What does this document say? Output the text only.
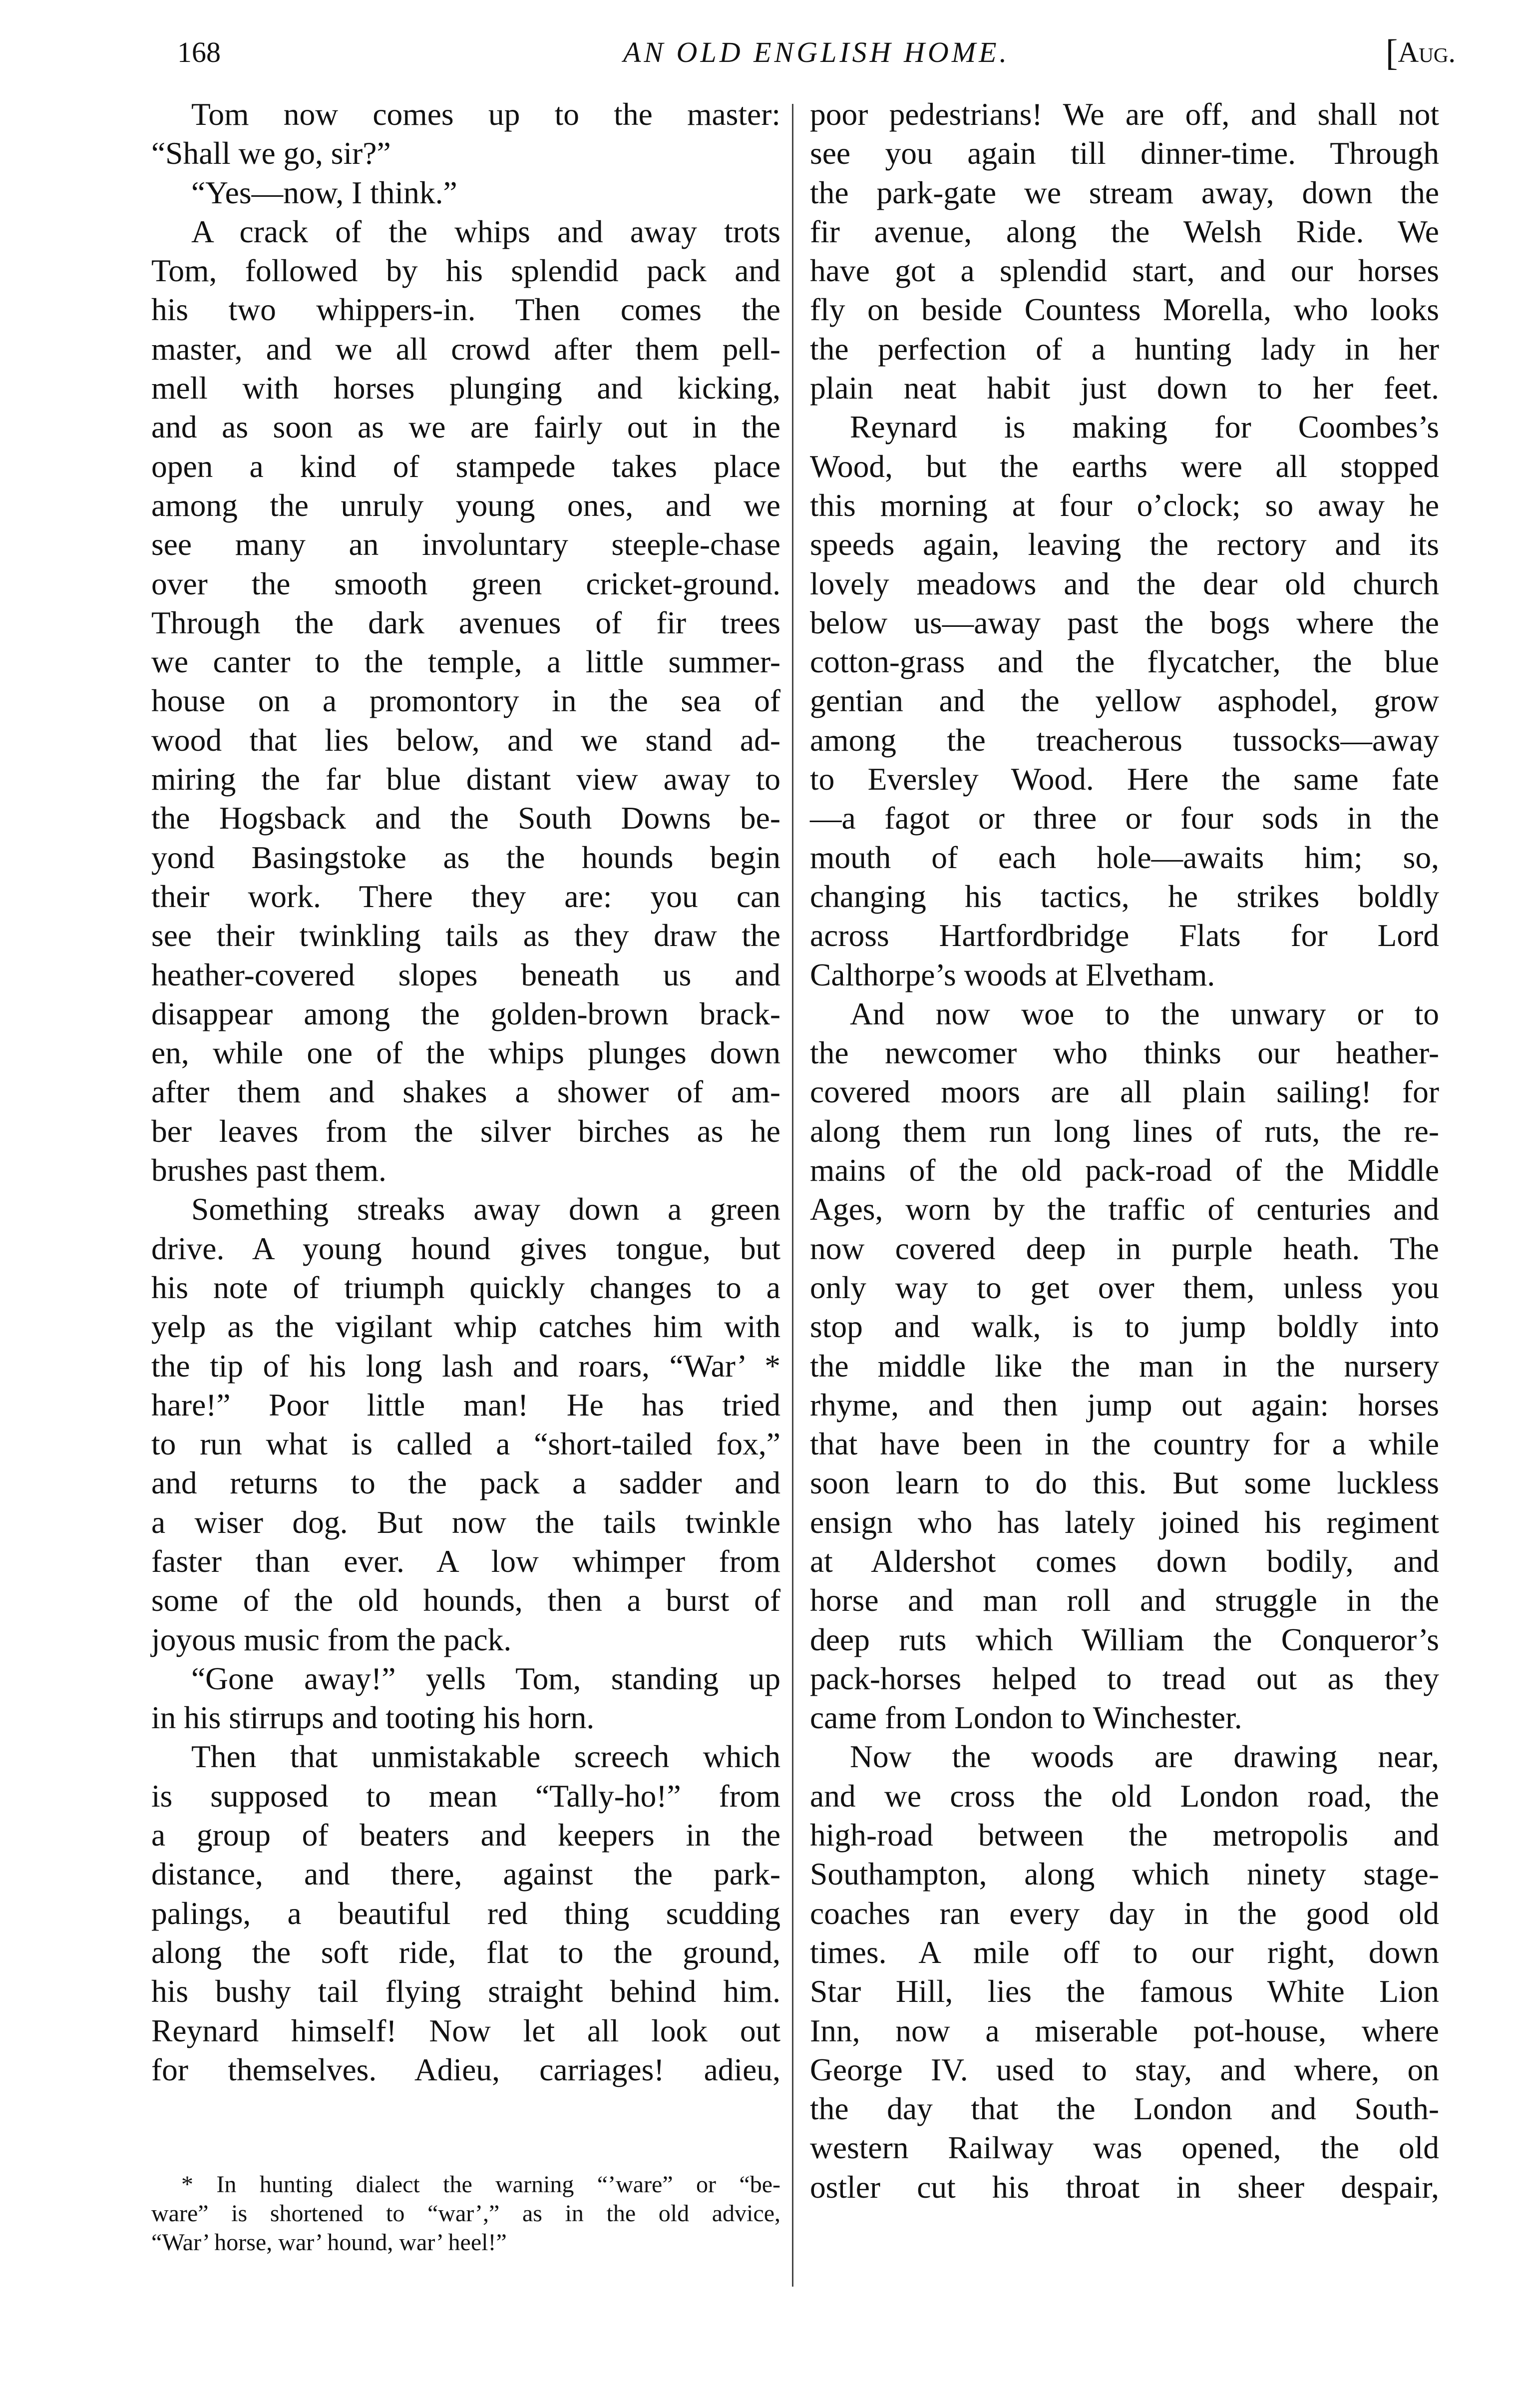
168	AN OLD ENGLISH HOME.	[Aug.
Tom now comes up to the master:
“Shall we go, sir?”
“Yes—now, I think.”
A crack of the whips and away trots
Tom, followed by his splendid pack and
his two whippers-in. Then comes the
master, and we all crowd after them pell-
mell with horses plunging and kicking,
and as soon as we are fairly out in the
open a kind of stampede takes place
among the unruly young ones, and we
see many an involuntary steeple-chase
over the smooth green cricket-ground.
Through the dark avenues of fir trees
we canter to the temple, a little summer-
house on a promontory in the sea of
wood that lies below, and we stand ad-
miring the far blue distant view away to
the Hogsback and the South Downs be-
yond Basingstoke as the hounds begin
their work. There they are: you can
see their twinkling tails as they draw the
heather-covered slopes beneath us and
disappear among the golden-brown brack-
en, while one of the whips plunges down
after them and shakes a shower of am-
ber leaves from the silver birches as he
brushes past them.
Something streaks away down a green
drive. A young hound gives tongue, but
his note of triumph quickly changes to a
yelp as the vigilant whip catches him with
the tip of his long lash and roars, “War’ *
hare!” Poor little man! He has tried
to run what is called a “short-tailed fox,”
and returns to the pack a sadder and
a wiser dog. But now the tails twinkle
faster than ever. A low whimper from
some of the old hounds, then a burst of
joyous music from the pack.
“Gone away!” yells Tom, standing up
in his stirrups and tooting his horn.
Then that unmistakable screech which
is supposed to mean “Tally-ho!” from
a group of beaters and keepers in the
distance, and there, against the park-
palings, a beautiful red thing scudding
along the soft ride, flat to the ground,
his bushy tail flying straight behind him.
Reynard himself! Now let all look out
for themselves. Adieu, carriages! adieu,
poor pedestrians! We are off, and shall not
see you again till dinner-time. Through
the park-gate we stream away, down the
fir avenue, along the Welsh Ride. We
have got a splendid start, and our horses
fly on beside Countess Morella, who looks
the perfection of a hunting lady in her
plain neat habit just down to her feet.
Reynard is making for Coombes’s
Wood, but the earths were all stopped
this morning at four o’clock; so away he
speeds again, leaving the rectory and its
lovely meadows and the dear old church
below us—away past the bogs where the
cotton-grass and the flycatcher, the blue
gentian and the yellow asphodel, grow
among the treacherous tussocks—away
to Eversley Wood. Here the same fate
—a fagot or three or four sods in the
mouth of each hole—awaits him; so,
changing his tactics, he strikes boldly
across Hartfordbridge Flats for Lord
Calthorpe’s woods at Elvetham.
And now woe to the unwary or to
the newcomer who thinks our heather-
covered moors are all plain sailing! for
along them run long lines of ruts, the re-
mains of the old pack-road of the Middle
Ages, worn by the traffic of centuries and
now covered deep in purple heath. The
only way to get over them, unless you
stop and walk, is to jump boldly into
the middle like the man in the nursery
rhyme, and then jump out again: horses
that have been in the country for a while
soon learn to do this. But some luckless
ensign who has lately joined his regiment
at Aldershot comes down bodily, and
horse and man roll and struggle in the
deep ruts which William the Conqueror’s
pack-horses helped to tread out as they
came from London to Winchester.
Now the woods are drawing near,
and we cross the old London road, the
high-road between the metropolis and
Southampton, along which ninety stage-
coaches ran every day in the good old
times. A mile off to our right, down
Star Hill, lies the famous White Lion
Inn, now a miserable pot-house, where
George IV. used to stay, and where, on
the day that the London and South-
western Railway was opened, the old
ostler cut his throat in sheer despair,
* In hunting dialect the warning “’ware” or “be-
ware” is shortened to “war’,” as in the old advice,
“War’ horse, war’ hound, war’ heel!”
